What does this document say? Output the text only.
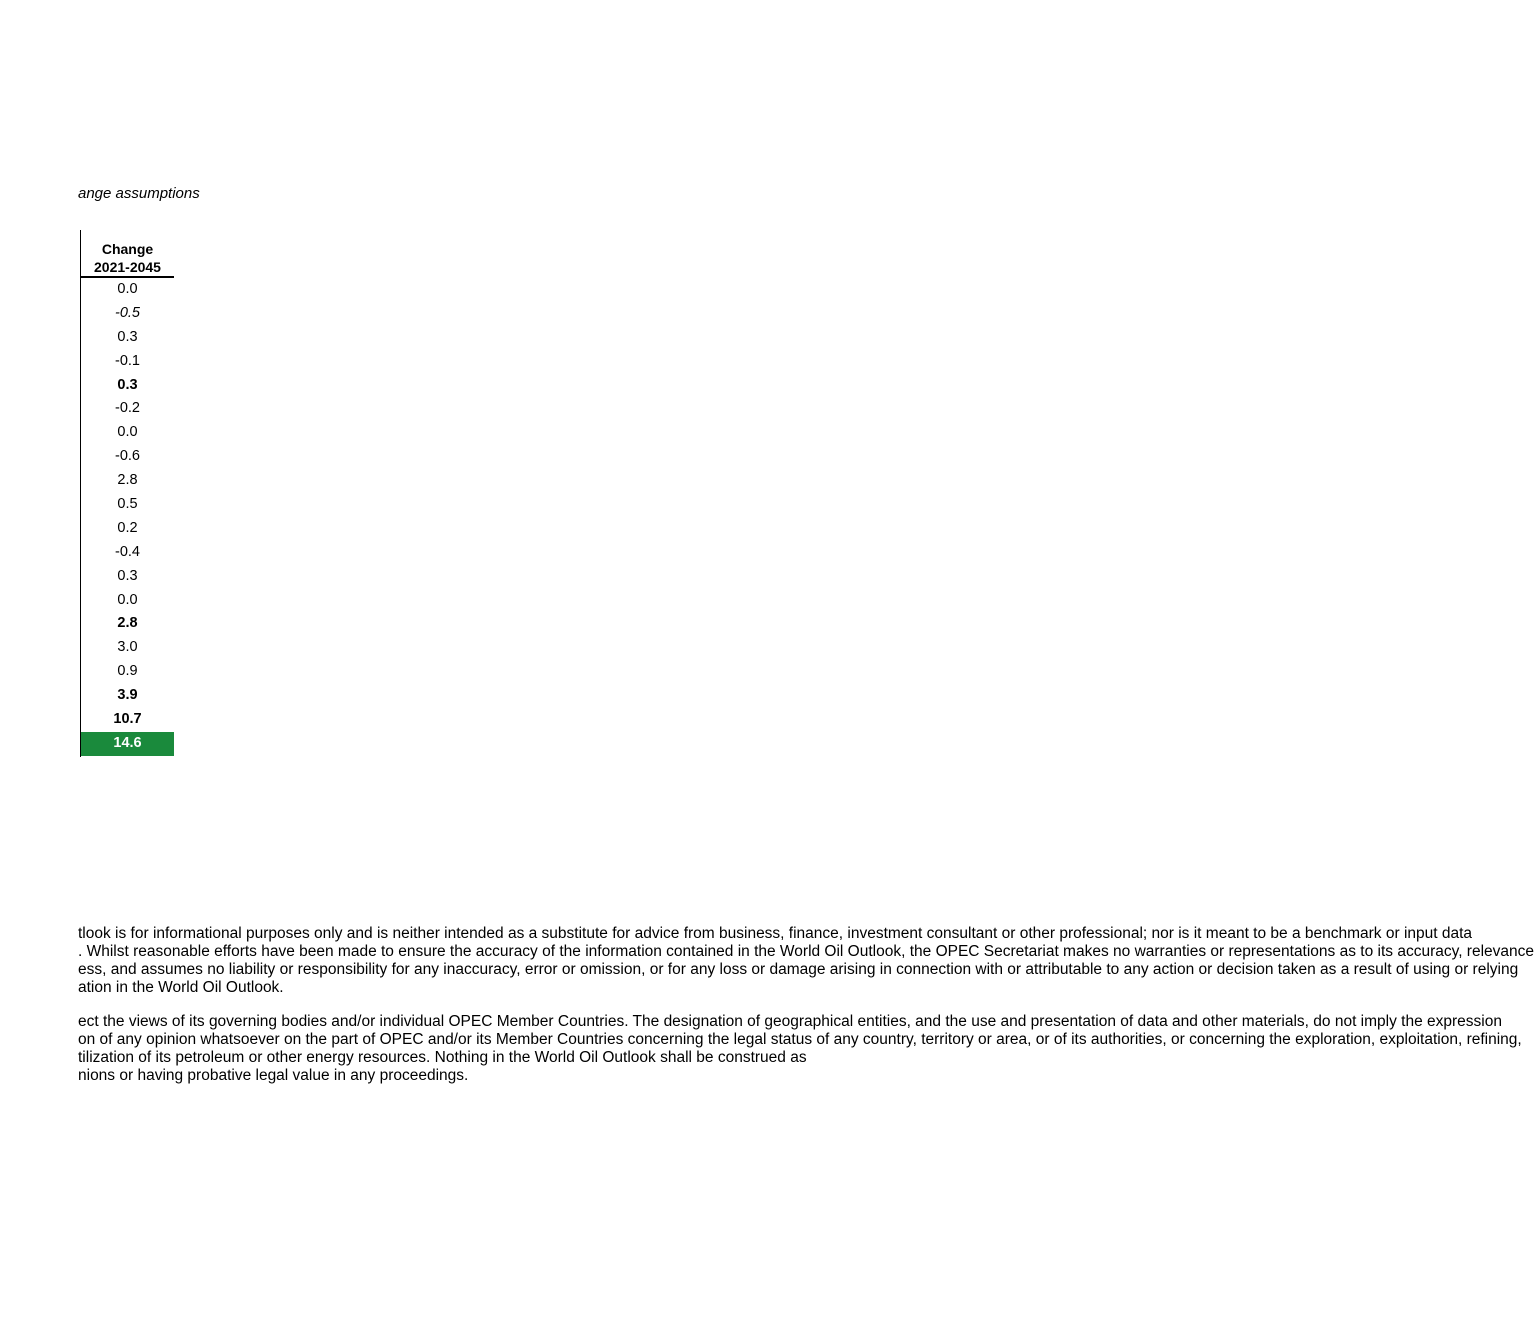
ange assumptions
Change
2021-2045
0.0
-0.5
0.3
-0.1
0.3
-0.2
0.0
-0.6
2.8
0.5
0.2
-0.4
0.3
0.0
2.8
3.0
0.9
3.9
10.7
14.6
tlook is for informational purposes only and is neither intended as a substitute for advice from business, finance, investment consultant or other professional; nor is it meant to be a benchmark or input data
. Whilst reasonable efforts have been made to ensure the accuracy of the information contained in the World Oil Outlook, the OPEC Secretariat makes no warranties or representations as to its accuracy, relevance
ess, and assumes no liability or responsibility for any inaccuracy, error or omission, or for any loss or damage arising in connection with or attributable to any action or decision taken as a result of using or relying
ation in the World Oil Outlook.
ect the views of its governing bodies and/or individual OPEC Member Countries. The designation of geographical entities, and the use and presentation of data and other materials, do not imply the expression
on of any opinion whatsoever on the part of OPEC and/or its Member Countries concerning the legal status of any country, territory or area, or of its authorities, or concerning the exploration, exploitation, refining,
tilization of its petroleum or other energy resources. Nothing in the World Oil Outlook shall be construed as
nions or having probative legal value in any proceedings.
